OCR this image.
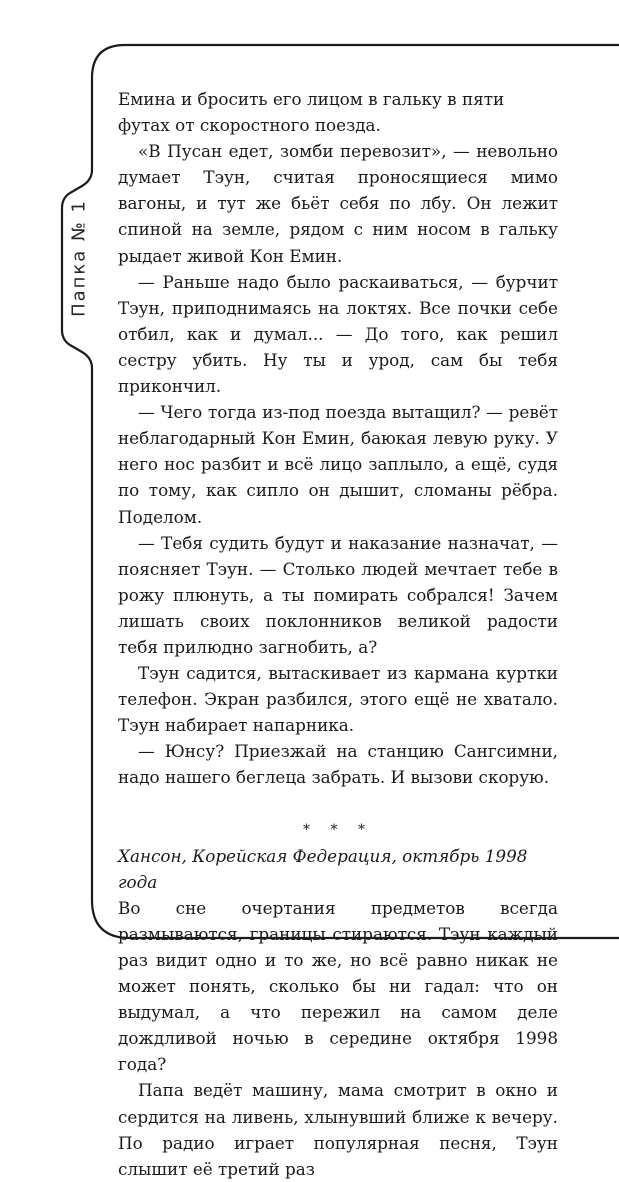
Папка № 1

Емина и бросить его лицом в гальку в пяти футах от скоростного поезда.

«В Пусан едет, зомби перевозит», — невольно думает Тэун, считая проносящиеся мимо вагоны, и тут же бьёт себя по лбу. Он лежит спиной на земле, рядом с ним носом в гальку рыдает живой Кон Емин.

— Раньше надо было раскаиваться, — бурчит Тэун, приподнимаясь на локтях. Все почки себе отбил, как и думал... — До того, как решил сестру убить. Ну ты и урод, сам бы тебя прикончил.

— Чего тогда из-под поезда вытащил? — ревёт неблагодарный Кон Емин, баюкая левую руку. У него нос разбит и всё лицо заплыло, а ещё, судя по тому, как сипло он дышит, сломаны рёбра. Поделом.

— Тебя судить будут и наказание назначат, — поясняет Тэун. — Столько людей мечтает тебе в рожу плюнуть, а ты помирать собрался! Зачем лишать своих поклонников великой радости тебя прилюдно загнобить, а?

Тэун садится, вытаскивает из кармана куртки телефон. Экран разбился, этого ещё не хватало. Тэун набирает напарника.

— Юнсу? Приезжай на станцию Сангсимни, надо нашего беглеца забрать. И вызови скорую.

* * *

Хансон, Корейская Федерация, октябрь 1998 года

Во сне очертания предметов всегда размываются, границы стираются. Тэун каждый раз видит одно и то же, но всё равно никак не может понять, сколько бы ни гадал: что он выдумал, а что пережил на самом деле дождливой ночью в середине октября 1998 года?

Папа ведёт машину, мама смотрит в окно и сердится на ливень, хлынувший ближе к вечеру. По радио играет популярная песня, Тэун слышит её третий раз
